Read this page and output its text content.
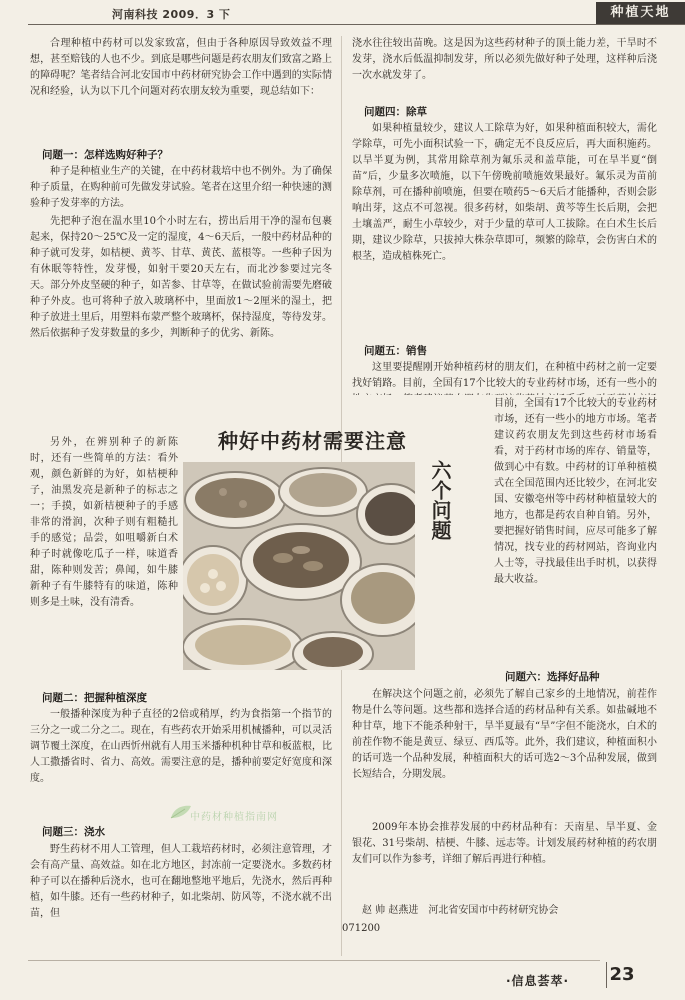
河南科技 2009．3 下	种植天地

合理种植中药材可以发家致富，但由于各种原因导致效益不理想，甚至赔钱的人也不少。到底是哪些问题是药农朋友们致富之路上的障碍呢？笔者结合河北安国市中药材研究协会工作中遇到的实际情况和经验，认为以下几个问题对药农朋友较为重要，现总结如下：

问题一：怎样选购好种子？

种子是种植业生产的关键，在中药材栽培中也不例外。为了确保种子质量，在购种前可先做发芽试验。笔者在这里介绍一种快速的测验种子发芽率的方法。

先把种子泡在温水里10个小时左右，捞出后用干净的湿布包裹起来，保持20～25℃及一定的湿度，4～6天后，一般中药材品种的种子就可发芽，如桔梗、黄芩、甘草、黄芪、蓝根等。一些种子因为有休眠等特性，发芽慢，如射干要20天左右，而北沙参要过完冬天。部分外皮坚硬的种子，如苦参、甘草等，在做试验前需要先磨破种子外皮。也可将种子放入玻璃杯中，里面放1～2厘米的湿土，把种子放进土里后，用塑料布蒙严整个玻璃杯，保持湿度，等待发芽。然后依据种子发芽数量的多少，判断种子的优劣、新陈。

另外，在辨别种子的新陈时，还有一些简单的方法：看外观，颜色新鲜的为好，如桔梗种子，油黑发亮是新种子的标志之一；手摸，如新桔梗种子的手感非常的滑润，次种子则有粗糙扎手的感觉；品尝，如咀嚼新白术种子时就像吃瓜子一样，味道香甜，陈种则发苦；鼻闻，如牛膝新种子有牛膝特有的味道，陈种则多是土味，没有清香。

问题二：把握种植深度

一般播种深度为种子直径的2倍或稍厚，约为食指第一个指节的三分之一或二分之二。现在，有些药农开始采用机械播种，可以灵活调节覆土深度，在山西忻州就有人用玉米播种机种甘草和板蓝根，比人工撒播省时、省力、高效。需要注意的是，播种前要定好宽度和深度。

中药材种植指南网

问题三：浇水

野生药材不用人工管理，但人工栽培药材时，必须注意管理，才会有高产量、高效益。如在北方地区，封冻前一定要浇水。多数药材种子可以在播种后浇水，也可在翻地整地平地后，先浇水，然后再种植，如牛膝。还有一些药材种子，如北柴胡、防风等，不浇水就不出苗，但

浇水往往较出苗晚。这是因为这些药材种子的顶土能力差，干旱时不发芽，浇水后低温抑制发芽，所以必须先做好种子处理，这样种后浇一次水就发芽了。

问题四：除草

如果种植量较少，建议人工除草为好，如果种植面积较大，需化学除草，可先小面积试验一下，确定无不良反应后，再大面积施药。以旱半夏为例，其常用除草剂为氟乐灵和盖草能，可在旱半夏“倒苗”后，少量多次喷施，以下午傍晚前喷施效果最好。氟乐灵为苗前除草剂，可在播种前喷施，但要在喷药5～6天后才能播种，否则会影响出芽，这点不可忽视。很多药材，如柴胡、黄芩等生长后期，会把土壤盖严，耐生小草较少，对于少量的草可人工拔除。在白术生长后期，建议少除草，只拔掉大株杂草即可，频繁的除草，会伤害白术的根茎，造成植株死亡。

问题五：销售

这里要提醒刚开始种植药材的朋友们，在种植中药材之前一定要找好销路。目前，全国有17个比较大的专业药材市场，还有一些小的

目前，全国有17个比较大的专业药材市场，还有一些小的地方市场。笔者建议药农朋友先到这些药材市场看看，对于药材市场的库存、销量等，做到心中有数。中药材的订单种植模式在全国范围内还比较少，在河北安国、安徽亳州等中药材种植量较大的地方，也都是药农自种自销。另外，要把握好销售时间，应尽可能多了解情况，找专业的药材网站，咨询业内人士等，寻找最佳出手时机，以获得最大收益。

问题六：选择好品种

在解决这个问题之前，必须先了解自己家乡的土地情况，前茬作物是什么等问题。这些都和选择合适的药材品种有关系。如盐碱地不种甘草，地下不能杀种射干，旱半夏最有“旱”字但不能浇水，白术的前茬作物不能是黄豆、绿豆、西瓜等。此外，我们建议，种植面积小的话可选一个品种发展，种植面积大的话可选2～3个品种发展，做到长短结合，分期发展。

2009年本协会推荐发展的中药材品种有：天南星、旱半夏、金银花、31号柴胡、桔梗、牛膝、远志等。计划发展药材种植的药农朋友们可以作为参考，详细了解后再进行种植。

赵 帅 赵燕进　河北省安国市中药材研究协会

071200

种好中药材需要注意
六个问题
·信息荟萃· 23
